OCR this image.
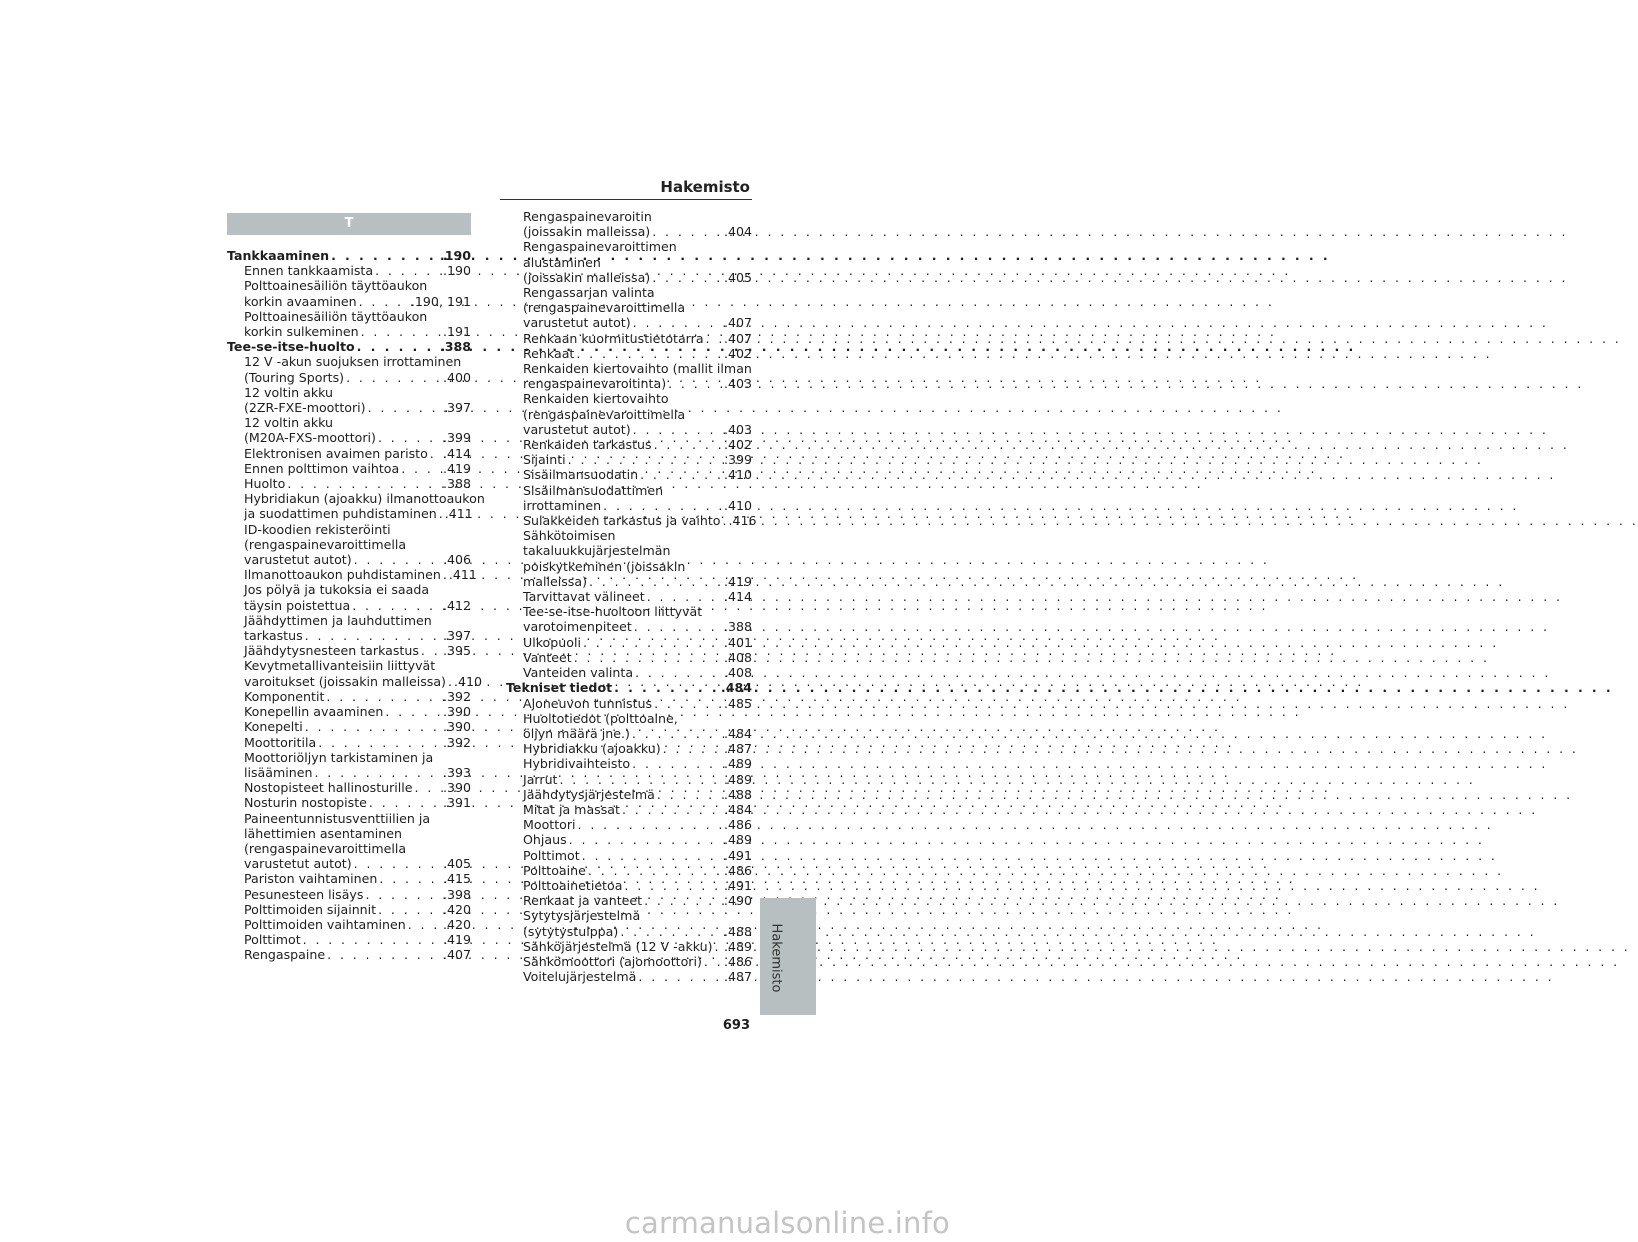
Hakemisto
T
Tankkaaminen . . .	.190
Ennen tankkaamista . . .	.190
Polttoainesäiliön täyttöaukon
korkin avaaminen . . .	.190, 191
Polttoainesäiliön täyttöaukon
korkin sulkeminen . . .	.191
Tee-se-itse-huolto . . .	.388
12 V -akun suojuksen irrottaminen
(Touring Sports) . . .	.400
12 voltin akku
(2ZR-FXE-moottori) . . .	.397
12 voltin akku
(M20A-FXS-moottori) . . .	.399
Elektronisen avaimen paristo . . . .414
Ennen polttimon vaihtoa . . .	.419
Huolto . . .	.388
Hybridiakun (ajoakku) ilmanottoaukon
ja suodattimen puhdistaminen . . . .411
ID-koodien rekisteröinti
(rengaspainevaroittimella
varustetut autot) . . .	.406
Ilmanottoaukon puhdistaminen . . . .411
Jos pölyä ja tukoksia ei saada
täysin poistettua . . .	.412
Jäähdyttimen ja lauhduttimen
tarkastus . . .	.397
Jäähdytysnesteen tarkastus . . . .395
Kevytmetallivanteisiin liittyvät
varoitukset (joissakin malleissa) . . . .410
Komponentit . . .	.392
Konepellin avaaminen . . .	.390
Konepelti . . .	.390
Moottoritila . . .	.392
Moottoriöljyn tarkistaminen ja
lisääminen . . .	.393
Nostopisteet hallinosturille . . . .390
Nosturin nostopiste . . .	.391
Paineentunnistusventtiilien ja
lähettimien asentaminen
(rengaspainevaroittimella
varustetut autot) . . .	.405
Pariston vaihtaminen . . .	.415
Pesunesteen lisäys . . .	.398
Polttimoiden sijainnit . . .	.420
Polttimoiden vaihtaminen . . .	.420
Polttimot . . .	.419
Rengaspaine . . .	.407
Rengaspainevaroitin
(joissakin malleissa) . . .	.404
Rengaspainevaroittimen
alustaminen
(joissakin malleissa) . . .	.405
Rengassarjan valinta
(rengaspainevaroittimella
varustetut autot) . . .	.407
Renkaan kuormitustietotarra . . . .407
Renkaat . . .	.402
Renkaiden kiertovaihto (mallit ilman
rengaspainevaroitinta) . . .	.403
Renkaiden kiertovaihto
(rengaspainevaroittimella
varustetut autot) . . .	.403
Renkaiden tarkastus . . .	.402
Sijainti . . .	.399
Sisäilmansuodatin . . .	.410
Sisäilmansuodattimen
irrottaminen . . .	.410
Sulakkeiden tarkastus ja vaihto . . . .416
Sähkötoimisen
takaluukkujärjestelmän
poiskytkeminen (joissakin
malleissa) . . .	.419
Tarvittavat välineet . . .	.414
Tee-se-itse-huoltoon liittyvät
varotoimenpiteet . . .	.388
Ulkopuoli . . .	.401
Vanteet . . .	.408
Vanteiden valinta . . .	.408
Tekniset tiedot . . .	.484
Ajoneuvon tunnistus . . .	.485
Huoltotiedot (polttoaine,
öljyn määrä jne.) . . .	.484
Hybridiakku (ajoakku) . . .	.487
Hybridivaihteisto . . .	.489
Jarrut . . .	.489
Jäähdytysjärjestelmä . . .	.488
Mitat ja massat . . .	.484
Moottori . . .	.486
Ohjaus . . .	.489
Polttimot . . .	.491
Polttoaine . . .	.486
Polttoainetietoa . . .	.491
Renkaat ja vanteet . . .	.490
Sytytysjärjestelmä
(sytytystulppa) . . .	.488
Sähköjärjestelmä (12 V -akku) . . . .489
Sähkömoottori (ajomoottori) . . . .486
Voitelujärjestelmä . . .	.487 Hakemisto
693
carmanualsonline.info
